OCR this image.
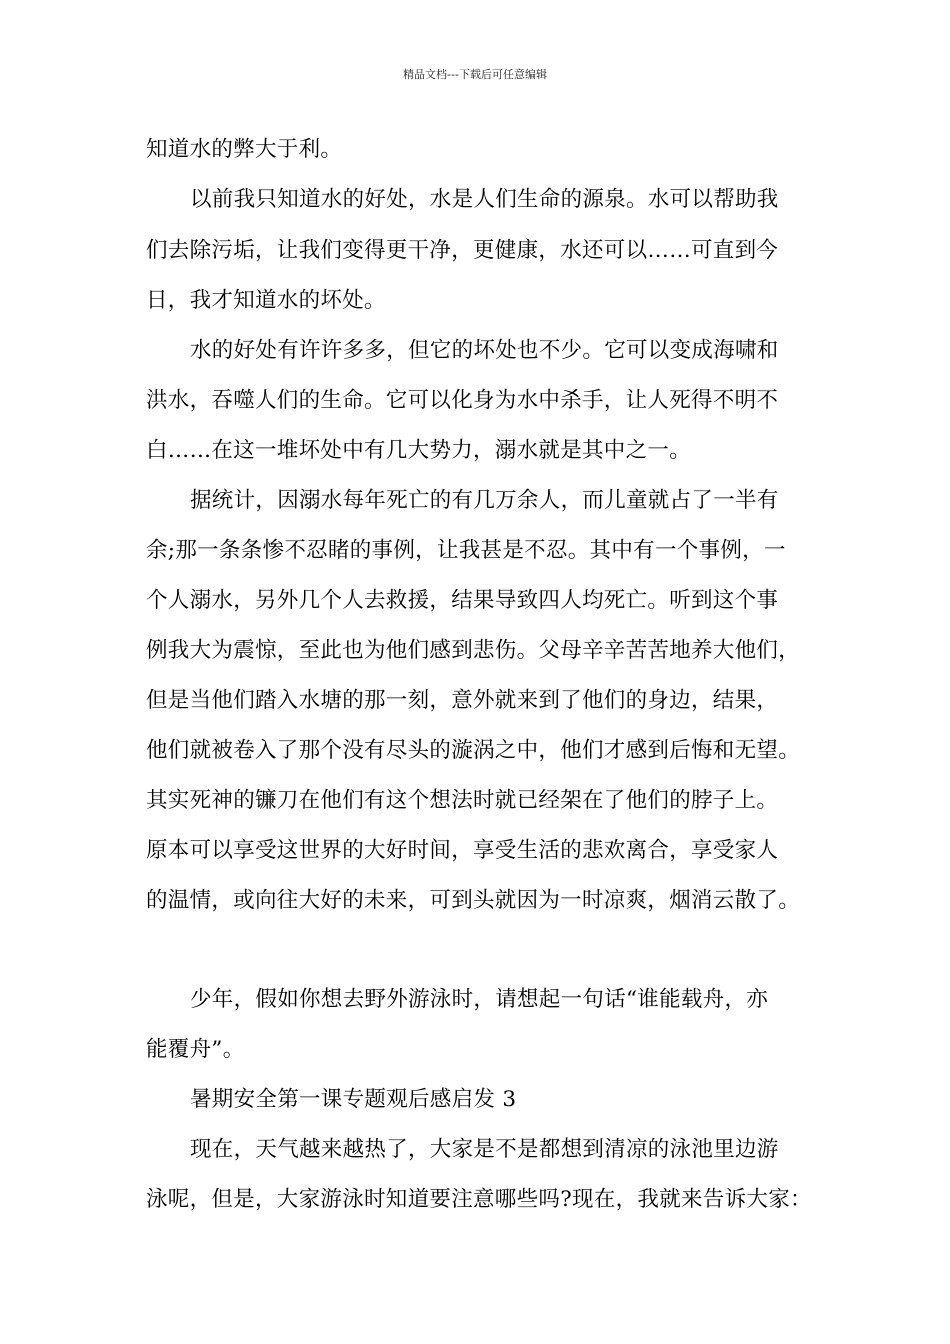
精品文档---下载后可任意编辑
知道水的弊大于利。
以前我只知道水的好处，水是人们生命的源泉。水可以帮助我
们去除污垢，让我们变得更干净，更健康，水还可以……可直到今
日，我才知道水的坏处。
水的好处有许许多多，但它的坏处也不少。它可以变成海啸和
洪水，吞噬人们的生命。它可以化身为水中杀手，让人死得不明不
白……在这一堆坏处中有几大势力，溺水就是其中之一。
据统计，因溺水每年死亡的有几万余人，而儿童就占了一半有
余;那一条条惨不忍睹的事例，让我甚是不忍。其中有一个事例，一
个人溺水，另外几个人去救援，结果导致四人均死亡。听到这个事
例我大为震惊，至此也为他们感到悲伤。父母辛辛苦苦地养大他们，
但是当他们踏入水塘的那一刻，意外就来到了他们的身边，结果，
他们就被卷入了那个没有尽头的漩涡之中，他们才感到后悔和无望。
其实死神的镰刀在他们有这个想法时就已经架在了他们的脖子上。
原本可以享受这世界的大好时间，享受生活的悲欢离合，享受家人
的温情，或向往大好的未来，可到头就因为一时凉爽，烟消云散了。
少年，假如你想去野外游泳时，请想起一句话“谁能载舟，亦
能覆舟”。
暑期安全第一课专题观后感启发 3
现在，天气越来越热了，大家是不是都想到清凉的泳池里边游
泳呢，但是，大家游泳时知道要注意哪些吗?现在，我就来告诉大家：
